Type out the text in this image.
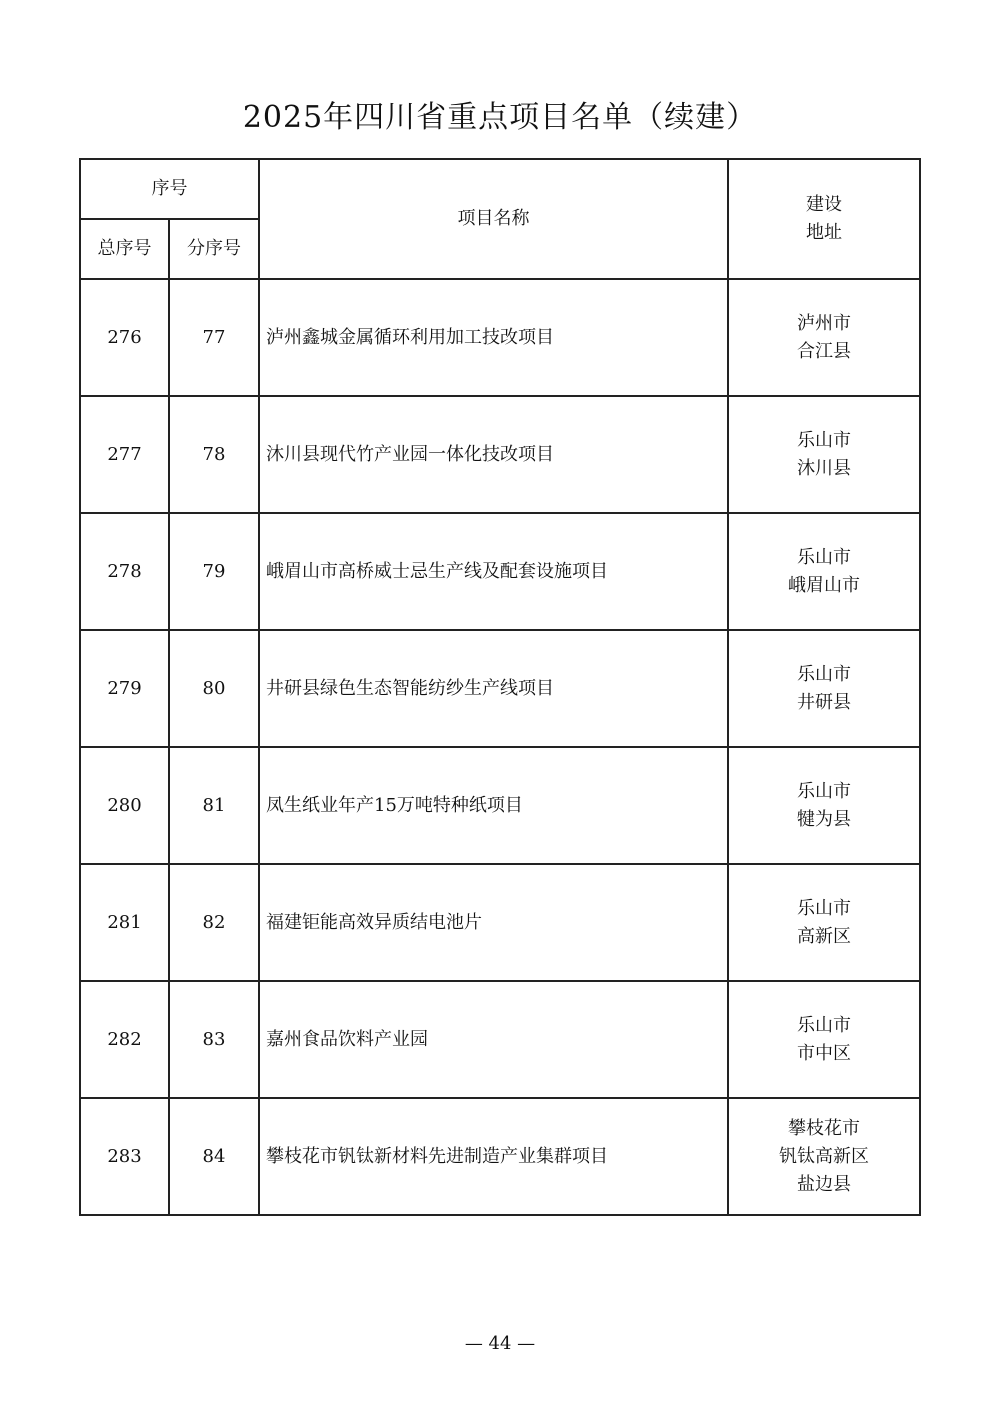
2025年四川省重点项目名单（续建）
序号		项目名称	建设
地址

总序号	分序号		
276	77	泸州鑫城金属循环利用加工技改项目	泸州市
合江县

277	78	沐川县现代竹产业园一体化技改项目	乐山市
沐川县

278	79	峨眉山市高桥威士忌生产线及配套设施项目	乐山市
峨眉山市

279	80	井研县绿色生态智能纺纱生产线项目	乐山市
井研县

280	81	凤生纸业年产15万吨特种纸项目	乐山市
犍为县

281	82	福建钜能高效异质结电池片	乐山市
高新区

282	83	嘉州食品饮料产业园	乐山市
市中区

283	84	攀枝花市钒钛新材料先进制造产业集群项目	攀枝花市
钒钛高新区
盐边县
— 44 —
